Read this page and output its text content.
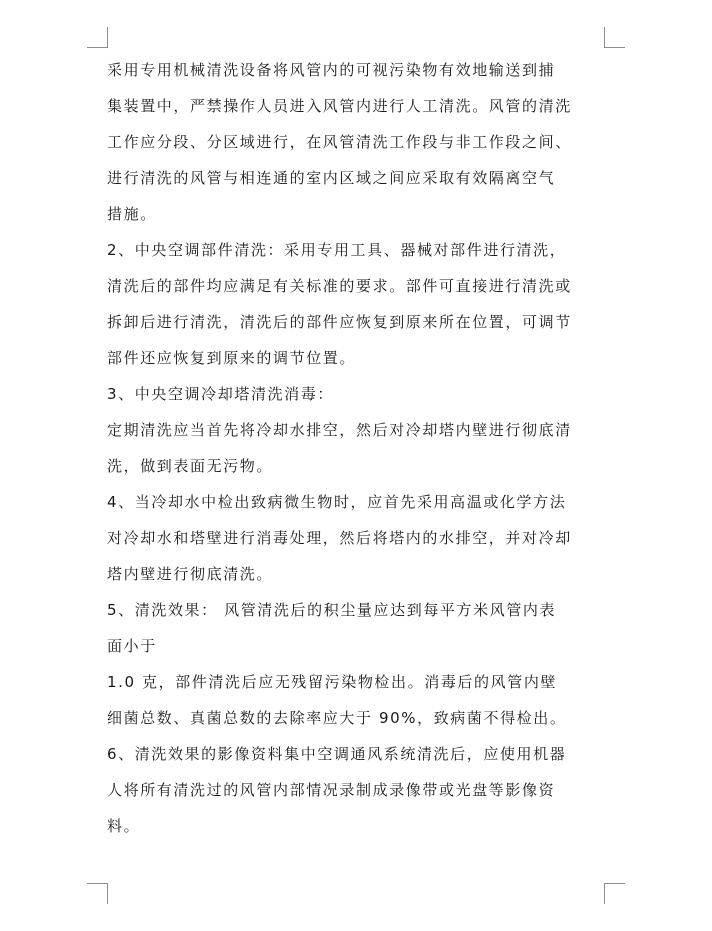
采用专用机械清洗设备将风管内的可视污染物有效地输送到捕
集装置中，严禁操作人员进入风管内进行人工清洗。风管的清洗
工作应分段、分区域进行，在风管清洗工作段与非工作段之间、
进行清洗的风管与相连通的室内区域之间应采取有效隔离空气
措施。
2、中央空调部件清洗：采用专用工具、器械对部件进行清洗，
清洗后的部件均应满足有关标准的要求。部件可直接进行清洗或
拆卸后进行清洗，清洗后的部件应恢复到原来所在位置，可调节
部件还应恢复到原来的调节位置。
3、中央空调冷却塔清洗消毒：
定期清洗应当首先将冷却水排空，然后对冷却塔内壁进行彻底清
洗，做到表面无污物。
4、当冷却水中检出致病微生物时，应首先采用高温或化学方法
对冷却水和塔壁进行消毒处理，然后将塔内的水排空，并对冷却
塔内壁进行彻底清洗。
5、清洗效果： 风管清洗后的积尘量应达到每平方米风管内表
面小于
1.0 克，部件清洗后应无残留污染物检出。消毒后的风管内壁
细菌总数、真菌总数的去除率应大于 90%，致病菌不得检出。
6、清洗效果的影像资料集中空调通风系统清洗后，应使用机器
人将所有清洗过的风管内部情况录制成录像带或光盘等影像资
料。
